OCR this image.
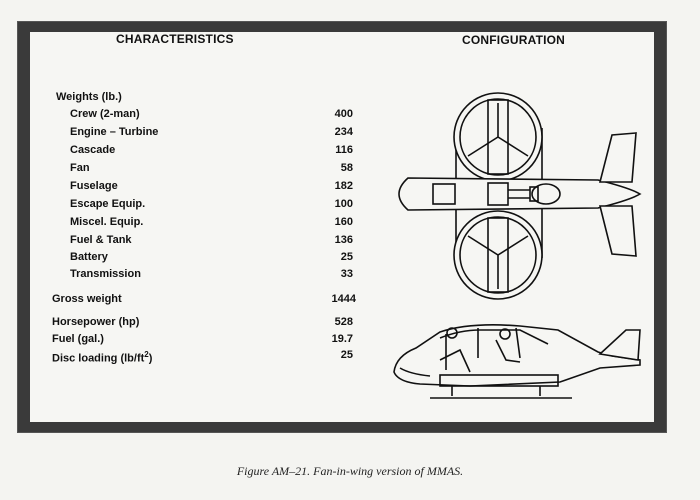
CHARACTERISTICS	CONFIGURATION
Weights (lb.)
Crew (2-man)	400
Engine – Turbine	234
Cascade	116
Fan	58
Fuselage	182
Escape Equip.	100
Miscel. Equip.	160
Fuel & Tank	136
Battery	25
Transmission	33
Gross weight	1444
Horsepower (hp)	528
Fuel (gal.)	19.7
Disc loading $(lb/ft^2)$	25
Figure AM–21. Fan-in-wing version of MMAS.
